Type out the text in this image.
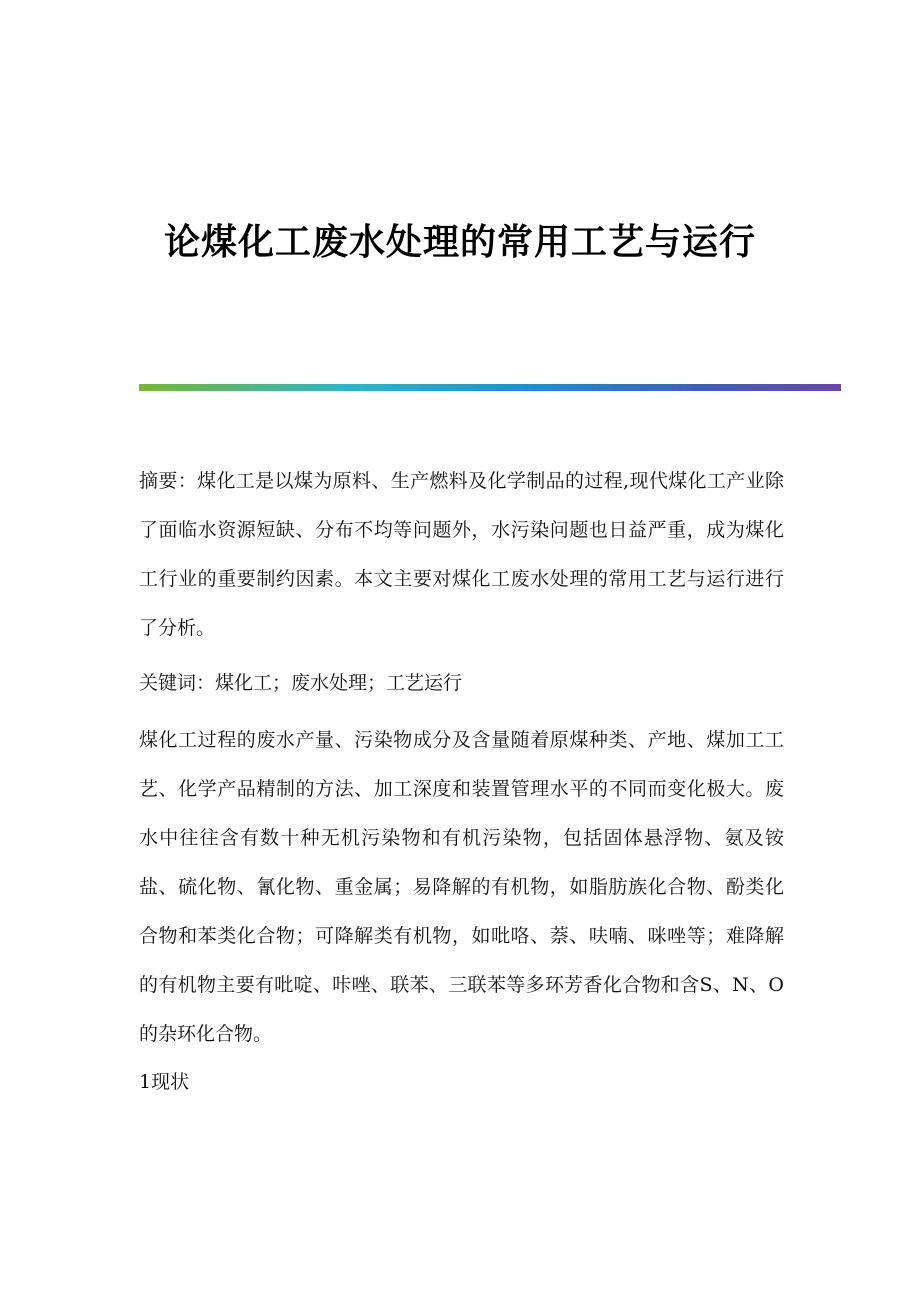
论煤化工废水处理的常用工艺与运行

摘要：煤化工是以煤为原料、生产燃料及化学制品的过程,现代煤化工产业除了面临水资源短缺、分布不均等问题外，水污染问题也日益严重，成为煤化工行业的重要制约因素。本文主要对煤化工废水处理的常用工艺与运行进行了分析。

关键词：煤化工；废水处理；工艺运行

煤化工过程的废水产量、污染物成分及含量随着原煤种类、产地、煤加工工艺、化学产品精制的方法、加工深度和装置管理水平的不同而变化极大。废水中往往含有数十种无机污染物和有机污染物，包括固体悬浮物、氨及铵盐、硫化物、氰化物、重金属；易降解的有机物，如脂肪族化合物、酚类化合物和苯类化合物；可降解类有机物，如吡咯、萘、呋喃、咪唑等；难降解的有机物主要有吡啶、咔唑、联苯、三联苯等多环芳香化合物和含S、N、O的杂环化合物。

1现状
